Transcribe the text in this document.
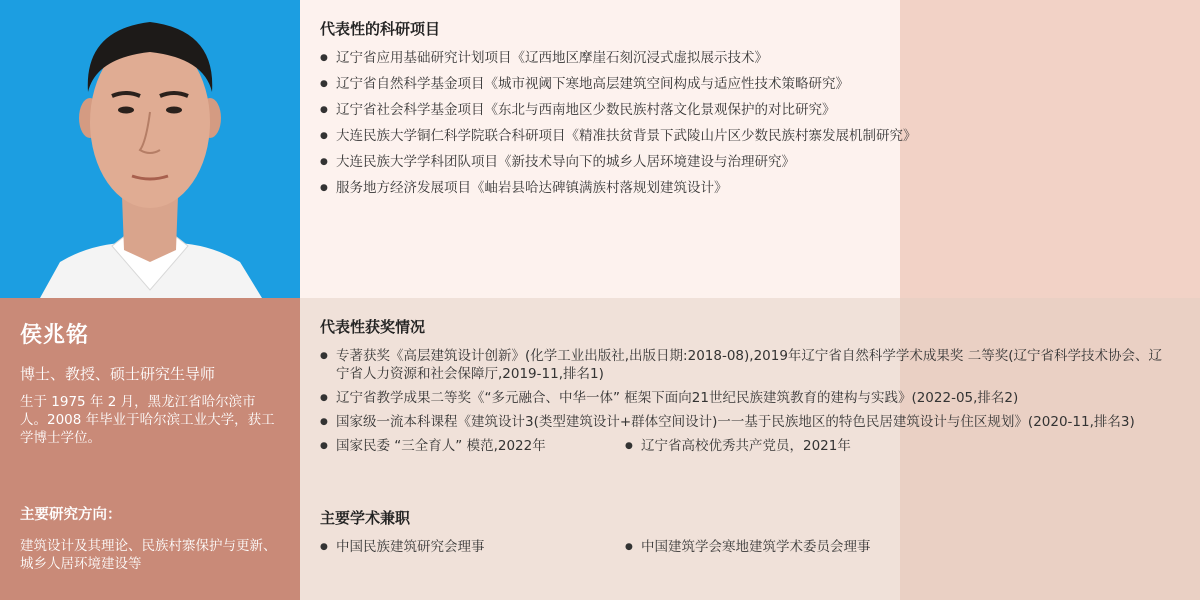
侯兆铭
博士、教授、硕士研究生导师
生于 1975 年 2 月，黑龙江省哈尔滨市人。2008 年毕业于哈尔滨工业大学，获工学博士学位。
主要研究方向：
建筑设计及其理论、民族村寨保护与更新、城乡人居环境建设等
代表性的科研项目
● 辽宁省应用基础研究计划项目《辽西地区摩崖石刻沉浸式虚拟展示技术》
● 辽宁省自然科学基金项目《城市视阈下寒地高层建筑空间构成与适应性技术策略研究》
● 辽宁省社会科学基金项目《东北与西南地区少数民族村落文化景观保护的对比研究》
● 大连民族大学铜仁科学院联合科研项目《精准扶贫背景下武陵山片区少数民族村寨发展机制研究》
● 大连民族大学学科团队项目《新技术导向下的城乡人居环境建设与治理研究》
● 服务地方经济发展项目《岫岩县哈达碑镇满族村落规划建筑设计》
代表性获奖情况
● 专著获奖《高层建筑设计创新》(化学工业出版社,出版日期:2018-08),2019年辽宁省自然科学学术成果奖 二等奖(辽宁省科学技术协会、辽宁省人力资源和社会保障厅,2019-11,排名1)
● 辽宁省教学成果二等奖《“多元融合、中华一体” 框架下面向21世纪民族建筑教育的建构与实践》(2022-05,排名2)
● 国家级一流本科课程《建筑设计3(类型建筑设计+群体空间设计)一一基于民族地区的特色民居建筑设计与住区规划》(2020-11,排名3)
● 国家民委 “三全育人” 模范,2022年	● 辽宁省高校优秀共产党员，2021年
主要学术兼职
● 中国民族建筑研究会理事	● 中国建筑学会寒地建筑学术委员会理事
